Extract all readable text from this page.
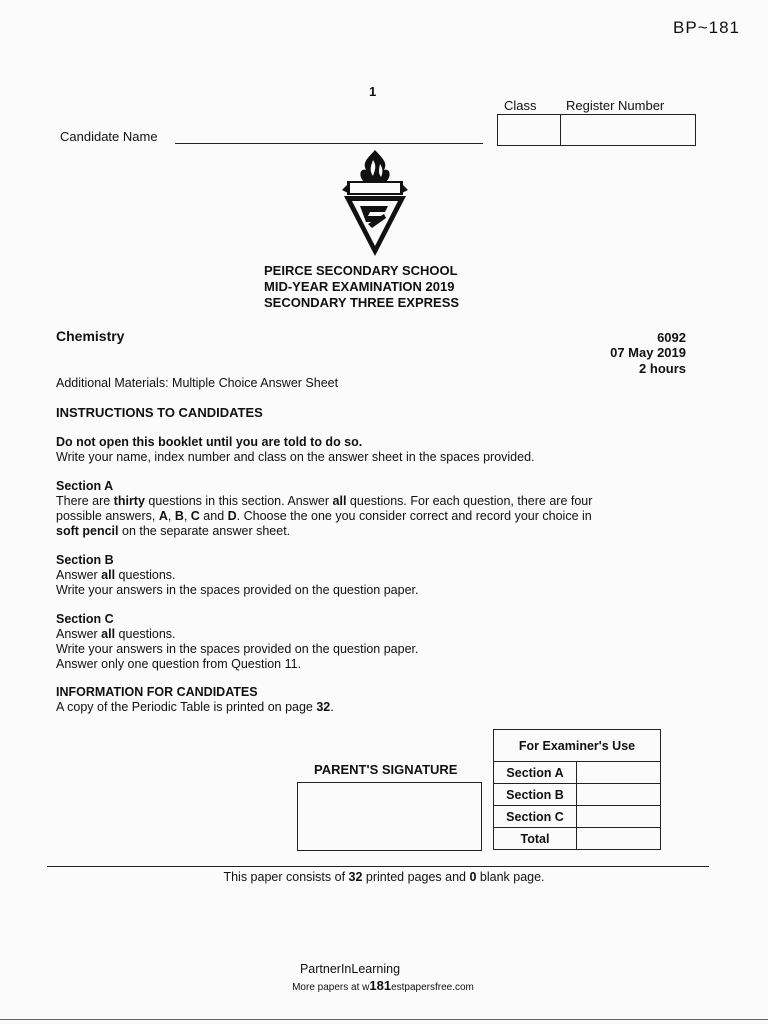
BP~181
1
Class Register Number
Candidate Name
PEIRCE SECONDARY SCHOOL
MID-YEAR EXAMINATION 2019
SECONDARY THREE EXPRESS
Chemistry	6092
07 May 2019
2 hours
Additional Materials: Multiple Choice Answer Sheet
INSTRUCTIONS TO CANDIDATES

Do not open this booklet until you are told to do so.

Write your name, index number and class on the answer sheet in the spaces provided.

Section A

There are thirty questions in this section. Answer all questions. For each question, there are four

possible answers, A, B, C and D. Choose the one you consider correct and record your choice in

soft pencil on the separate answer sheet.

Section B

Answer all questions.

Write your answers in the spaces provided on the question paper.

Section C

Answer all questions.

Write your answers in the spaces provided on the question paper.

Answer only one question from Question 11.

INFORMATION FOR CANDIDATES

A copy of the Periodic Table is printed on page 32.

PARENT'S SIGNATURE
For Examiner's Use	
Section A	
Section B	
Section C	
Total	
This paper consists of 32 printed pages and 0 blank page.
PartnerInLearning
More papers at w181estpapersfree.com
